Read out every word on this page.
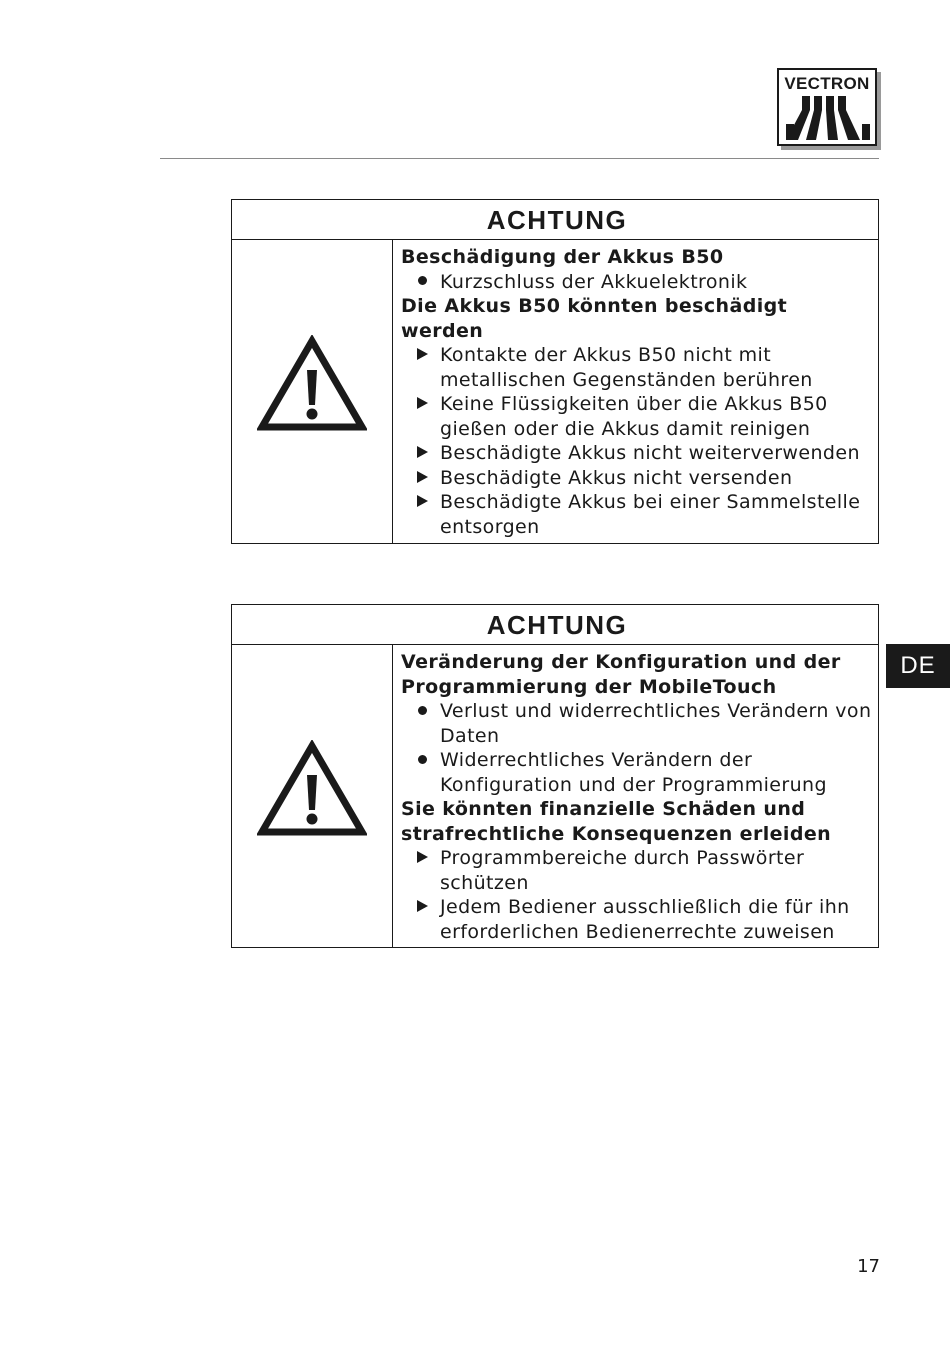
VECTRON
ACHTUNG

Beschädigung der Akkus B50

Kurzschluss der Akkuelektronik

Die Akkus B50 könnten beschädigt werden

Kontakte der Akkus B50 nicht mit metallischen Gegenständen berühren

Keine Flüssigkeiten über die Akkus B50 gießen oder die Akkus damit reinigen

Beschädigte Akkus nicht weiterverwenden

Beschädigte Akkus nicht versenden

Beschädigte Akkus bei einer Sammelstelle entsorgen

ACHTUNG

Veränderung der Konfiguration und der Programmierung der MobileTouch

Verlust und widerrechtliches Verändern von Daten

Widerrechtliches Verändern der Konfiguration und der Programmierung

Sie könnten finanzielle Schäden und strafrechtliche Konsequenzen erleiden

Programmbereiche durch Passwörter schützen

Jedem Bediener ausschließlich die für ihn erforderlichen Bedienerrechte zuweisen

DE
17
